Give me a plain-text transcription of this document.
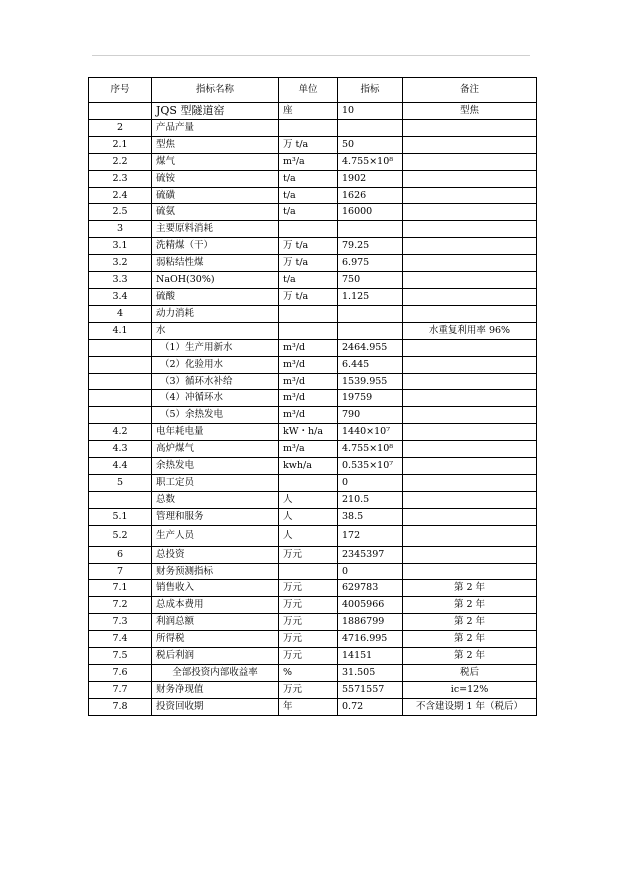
序号	指标名称	单位	指标	备注
	JQS 型隧道窑	座	10	型焦
2	产品产量			
2.1	型焦	万 t/a	50	
2.2	煤气	m³/a	4.755×10⁸	
2.3	硫铵	t/a	1902	
2.4	硫磺	t/a	1626	
2.5	硫氨	t/a	16000	
3	主要原料消耗			
3.1	洗精煤（干）	万 t/a	79.25	
3.2	弱粘结性煤	万 t/a	6.975	
3.3	NaOH(30%)	t/a	750	
3.4	硫酸	万 t/a	1.125	
4	动力消耗			
4.1	水			水重复利用率 96%
	（1）生产用新水	m³/d	2464.955	
	（2）化验用水	m³/d	6.445	
	（3）循环水补给	m³/d	1539.955	
	（4）冲循环水	m³/d	19759	
	（5）余热发电	m³/d	790	
4.2	电年耗电量	kW・h/a	1440×10⁷	
4.3	高炉煤气	m³/a	4.755×10⁸	
4.4	余热发电	kwh/a	0.535×10⁷	
5	职工定员		0	
	总数	人	210.5	
5.1	管理和服务	人	38.5	
5.2	生产人员	人	172	
6	总投资	万元	2345397	
7	财务预测指标		0	
7.1	销售收入	万元	629783	第 2 年
7.2	总成本费用	万元	4005966	第 2 年
7.3	利润总额	万元	1886799	第 2 年
7.4	所得税	万元	4716.995	第 2 年
7.5	税后利润	万元	14151	第 2 年
7.6	全部投资内部收益率	%	31.505	税后
7.7	财务净现值	万元	5571557	ic=12%
7.8	投资回收期	年	0.72	不含建设期 1 年（税后）
